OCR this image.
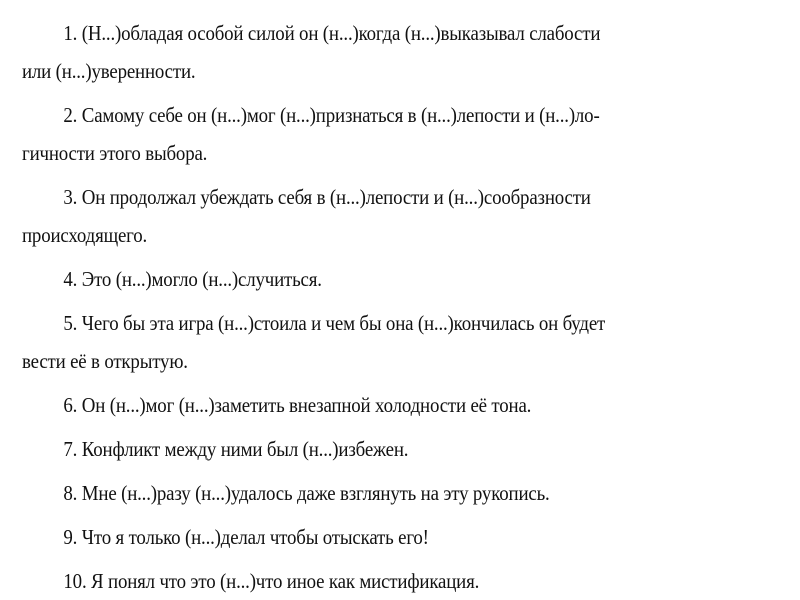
1. (Н...)обладая особой силой он (н...)когда (н...)выказывал слабости
или (н...)уверенности.
2. Самому себе он (н...)мог (н...)признаться в (н...)лепости и (н...)ло-
гичности этого выбора.
3. Он продолжал убеждать себя в (н...)лепости и (н...)сообразности
происходящего.
4. Это (н...)могло (н...)случиться.
5. Чего бы эта игра (н...)стоила и чем бы она (н...)кончилась он будет
вести её в открытую.
6. Он (н...)мог (н...)заметить внезапной холодности её тона.
7. Конфликт между ними был (н...)избежен.
8. Мне (н...)разу (н...)удалось даже взглянуть на эту рукопись.
9. Что я только (н...)делал чтобы отыскать его!
10. Я понял что это (н...)что иное как мистификация.
